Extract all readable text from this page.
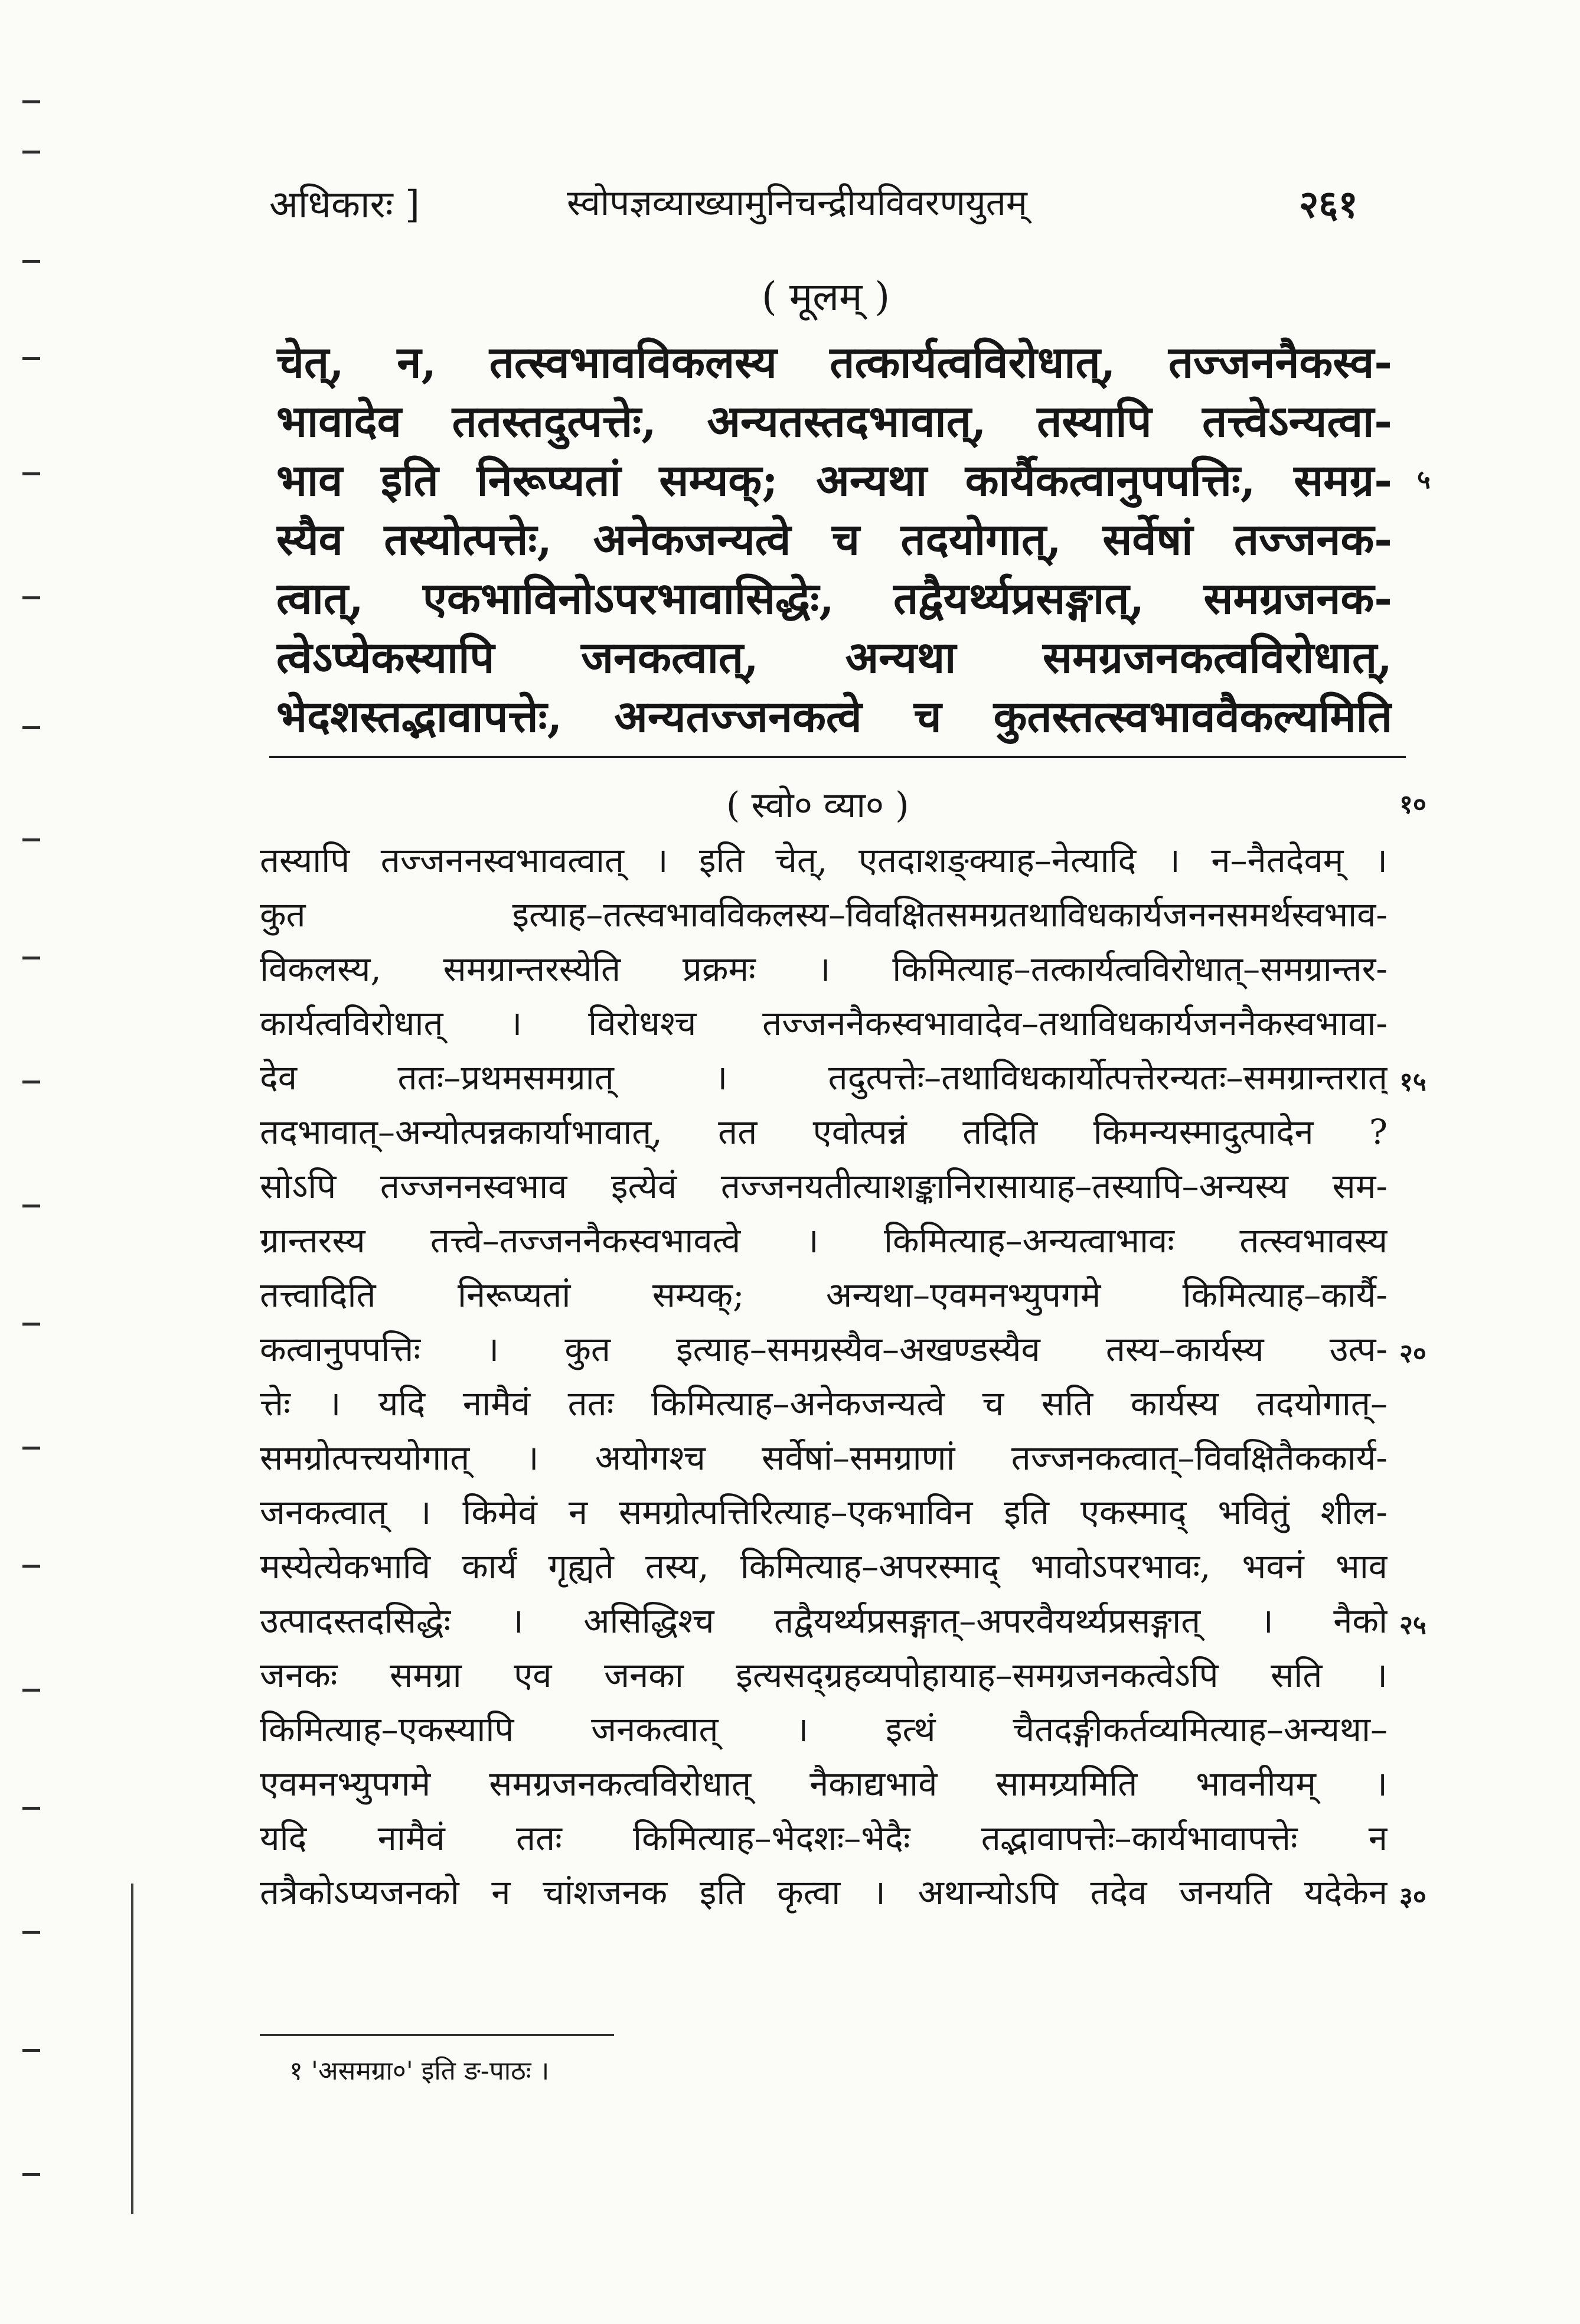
अधिकारः ]	स्वोपज्ञव्याख्यामुनिचन्द्रीयविवरणयुतम्	२६१
( मूलम् )
चेत्, न, तत्स्वभावविकलस्य तत्कार्यत्वविरोधात्, तज्जननैकस्व-
भावादेव ततस्तदुत्पत्तेः, अन्यतस्तदभावात्, तस्यापि तत्त्वेऽन्यत्वा-
भाव इति निरूप्यतां सम्यक्; अन्यथा कार्यैकत्वानुपपत्तिः, समग्र-
स्यैव तस्योत्पत्तेः, अनेकजन्यत्वे च तदयोगात्, सर्वेषां तज्जनक-
त्वात्, एकभाविनोऽपरभावासिद्धेः, तद्वैयर्थ्यप्रसङ्गात्, समग्रजनक-
त्वेऽप्येकस्यापि जनकत्वात्, अन्यथा समग्रजनकत्वविरोधात्,
भेदशस्तद्भावापत्तेः, अन्यतज्जनकत्वे च कुतस्तत्स्वभाववैकल्यमिति
५
( स्वो० व्या० )	१०
तस्यापि तज्जननस्वभावत्वात् । इति चेत्, एतदाशङ्क्याह–नेत्यादि । न–नैतदेवम् ।
कुत इत्याह–तत्स्वभावविकलस्य–विवक्षितसमग्रतथाविधकार्यजननसमर्थस्वभाव-
विकलस्य, समग्रान्तरस्येति प्रक्रमः । किमित्याह–तत्कार्यत्वविरोधात्–समग्रान्तर-
कार्यत्वविरोधात् । विरोधश्च तज्जननैकस्वभावादेव–तथाविधकार्यजननैकस्वभावा-
देव ततः–प्रथमसमग्रात् । तदुत्पत्तेः–तथाविधकार्योत्पत्तेरन्यतः–समग्रान्तरात्
तदभावात्–अन्योत्पन्नकार्याभावात्, तत एवोत्पन्नं तदिति किमन्यस्मादुत्पादेन ?
सोऽपि तज्जननस्वभाव इत्येवं तज्जनयतीत्याशङ्कानिरासायाह–तस्यापि–अन्यस्य सम-
ग्रान्तरस्य तत्त्वे–तज्जननैकस्वभावत्वे । किमित्याह–अन्यत्वाभावः तत्स्वभावस्य
तत्त्वादिति निरूप्यतां सम्यक्; अन्यथा–एवमनभ्युपगमे किमित्याह–कार्यै-
कत्वानुपपत्तिः । कुत इत्याह–समग्रस्यैव–अखण्डस्यैव तस्य–कार्यस्य उत्प-
त्तेः । यदि नामैवं ततः किमित्याह–अनेकजन्यत्वे च सति कार्यस्य तदयोगात्–
समग्रोत्पत्त्ययोगात् । अयोगश्च सर्वेषां–समग्राणां तज्जनकत्वात्–विवक्षितैककार्य-
जनकत्वात् । किमेवं न समग्रोत्पत्तिरित्याह–एकभाविन इति एकस्माद् भवितुं शील-
मस्येत्येकभावि कार्यं गृह्यते तस्य, किमित्याह–अपरस्माद् भावोऽपरभावः, भवनं भाव
उत्पादस्तदसिद्धेः । असिद्धिश्च तद्वैयर्थ्यप्रसङ्गात्–अपरवैयर्थ्यप्रसङ्गात् । नैको
जनकः समग्रा एव जनका इत्यसद्ग्रहव्यपोहायाह–समग्रजनकत्वेऽपि सति ।
किमित्याह–एकस्यापि जनकत्वात् । इत्थं चैतदङ्गीकर्तव्यमित्याह–अन्यथा–
एवमनभ्युपगमे समग्रजनकत्वविरोधात् नैकाद्यभावे सामग्र्यमिति भावनीयम् ।
यदि नामैवं ततः किमित्याह–भेदशः–भेदैः तद्भावापत्तेः–कार्यभावापत्तेः न
तत्रैकोऽप्यजनको न चांशजनक इति कृत्वा । अथान्योऽपि तदेव जनयति यदेकेन
१५
२०
२५
३०
१ 'असमग्रा०' इति ङ-पाठः ।
